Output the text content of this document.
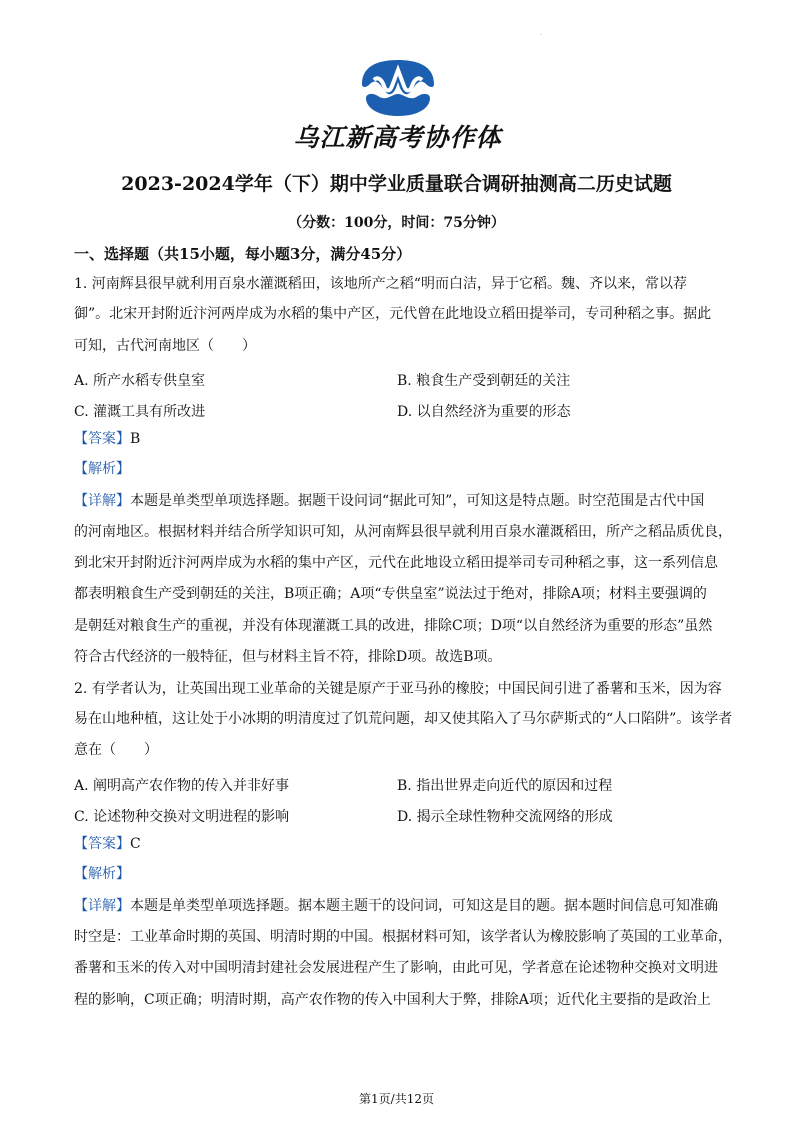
·
乌江新高考协作体
2023-2024学年（下）期中学业质量联合调研抽测高二历史试题
（分数：100分，时间：75分钟）
一、选择题（共15小题，每小题3分，满分45分）
1. 河南辉县很早就利用百泉水灌溉稻田，该地所产之稻“明而白洁，异于它稻。魏、齐以来，常以荐
御”。北宋开封附近汴河两岸成为水稻的集中产区，元代曾在此地设立稻田提举司，专司种稻之事。据此
可知，古代河南地区（　　）
A. 所产水稻专供皇室	B. 粮食生产受到朝廷的关注
C. 灌溉工具有所改进	D. 以自然经济为重要的形态
【答案】B
【解析】
【详解】本题是单类型单项选择题。据题干设问词“据此可知”，可知这是特点题。时空范围是古代中国
的河南地区。根据材料并结合所学知识可知，从河南辉县很早就利用百泉水灌溉稻田，所产之稻品质优良，
到北宋开封附近汴河两岸成为水稻的集中产区，元代在此地设立稻田提举司专司种稻之事，这一系列信息
都表明粮食生产受到朝廷的关注，B项正确；A项“专供皇室”说法过于绝对，排除A项；材料主要强调的
是朝廷对粮食生产的重视，并没有体现灌溉工具的改进，排除C项；D项“以自然经济为重要的形态”虽然
符合古代经济的一般特征，但与材料主旨不符，排除D项。故选B项。
2. 有学者认为，让英国出现工业革命的关键是原产于亚马孙的橡胶；中国民间引进了番薯和玉米，因为容
易在山地种植，这让处于小冰期的明清度过了饥荒问题，却又使其陷入了马尔萨斯式的“人口陷阱”。该学者
意在（　　）
A. 阐明高产农作物的传入并非好事	B. 指出世界走向近代的原因和过程
C. 论述物种交换对文明进程的影响	D. 揭示全球性物种交流网络的形成
【答案】C
【解析】
【详解】本题是单类型单项选择题。据本题主题干的设问词，可知这是目的题。据本题时间信息可知准确
时空是：工业革命时期的英国、明清时期的中国。根据材料可知，该学者认为橡胶影响了英国的工业革命，
番薯和玉米的传入对中国明清封建社会发展进程产生了影响，由此可见，学者意在论述物种交换对文明进
程的影响，C项正确；明清时期，高产农作物的传入中国利大于弊，排除A项；近代化主要指的是政治上
第1页/共12页
